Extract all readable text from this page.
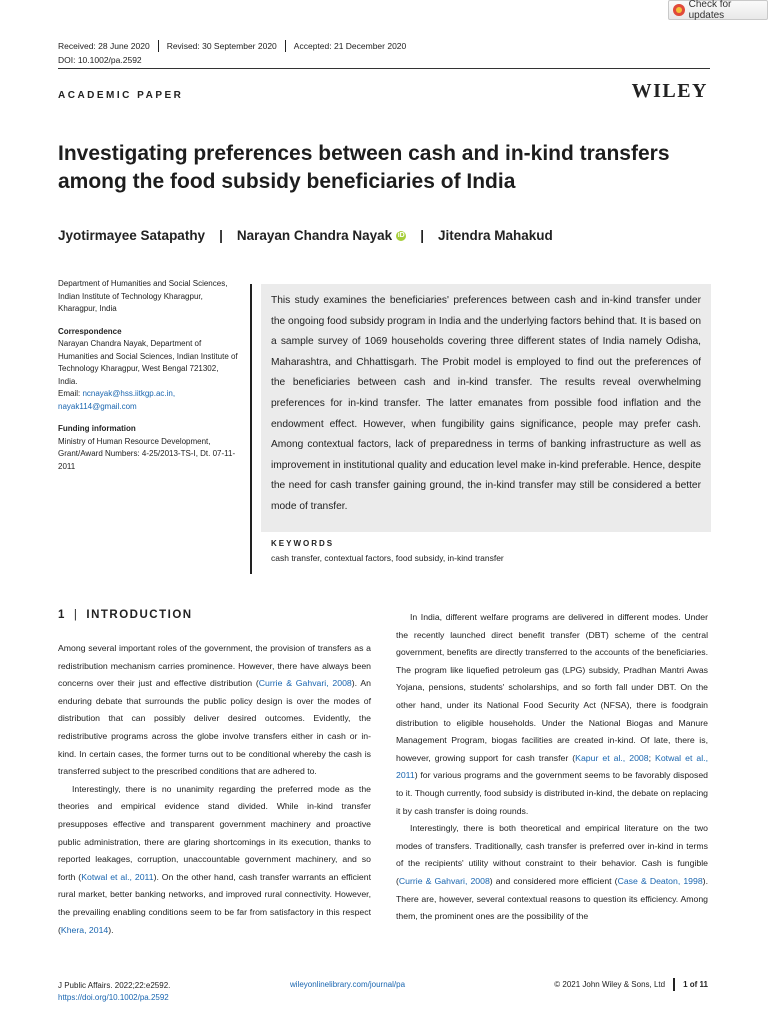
Check for updates
Received: 28 June 2020	Revised: 30 September 2020	Accepted: 21 December 2020
DOI: 10.1002/pa.2592
ACADEMIC PAPER	WILEY
Investigating preferences between cash and in-kind transfers among the food subsidy beneficiaries of India
Jyotirmayee Satapathy | Narayan Chandra Nayak iD | Jitendra Mahakud
Department of Humanities and Social Sciences, Indian Institute of Technology Kharagpur, Kharagpur, India
Correspondence
Narayan Chandra Nayak, Department of Humanities and Social Sciences, Indian Institute of Technology Kharagpur, West Bengal 721302, India.
Email: ncnayak@hss.iitkgp.ac.in, nayak114@gmail.com
Funding information
Ministry of Human Resource Development, Grant/Award Numbers: 4-25/2013-TS-I, Dt. 07-11-2011
This study examines the beneficiaries' preferences between cash and in-kind transfer under the ongoing food subsidy program in India and the underlying factors behind that. It is based on a sample survey of 1069 households covering three different states of India namely Odisha, Maharashtra, and Chhattisgarh. The Probit model is employed to find out the preferences of the beneficiaries between cash and in-kind transfer. The results reveal overwhelming preferences for in-kind transfer. The latter emanates from possible food inflation and the endowment effect. However, when fungibility gains significance, people may prefer cash. Among contextual factors, lack of preparedness in terms of banking infrastructure as well as improvement in institutional quality and education level make in-kind preferable. Hence, despite the need for cash transfer gaining ground, the in-kind transfer may still be considered a better mode of transfer.
KEYWORDS
cash transfer, contextual factors, food subsidy, in-kind transfer
1 | INTRODUCTION

Among several important roles of the government, the provision of transfers as a redistribution mechanism carries prominence. However, there have always been concerns over their just and effective distribution (Currie & Gahvari, 2008). An enduring debate that surrounds the public policy design is over the modes of distribution that can possibly deliver desired outcomes. Evidently, the redistributive programs across the globe involve transfers either in cash or in-kind. In certain cases, the former turns out to be conditional whereby the cash is transferred subject to the prescribed conditions that are adhered to.

Interestingly, there is no unanimity regarding the preferred mode as the theories and empirical evidence stand divided. While in-kind transfer presupposes effective and transparent government machinery and proactive public administration, there are glaring shortcomings in its execution, thanks to reported leakages, corruption, unaccountable government machinery, and so forth (Kotwal et al., 2011). On the other hand, cash transfer warrants an efficient rural market, better banking networks, and improved rural connectivity. However, the prevailing enabling conditions seem to be far from satisfactory in this respect (Khera, 2014).

In India, different welfare programs are delivered in different modes. Under the recently launched direct benefit transfer (DBT) scheme of the central government, benefits are directly transferred to the accounts of the beneficiaries. The program like liquefied petroleum gas (LPG) subsidy, Pradhan Mantri Awas Yojana, pensions, students' scholarships, and so forth fall under DBT. On the other hand, under its National Food Security Act (NFSA), there is foodgrain distribution to eligible households. Under the National Biogas and Manure Management Program, biogas facilities are created in-kind. Of late, there is, however, growing support for cash transfer (Kapur et al., 2008; Kotwal et al., 2011) for various programs and the government seems to be favorably disposed to it. Though currently, food subsidy is distributed in-kind, the debate on replacing it by cash transfer is doing rounds.

Interestingly, there is both theoretical and empirical literature on the two modes of transfers. Traditionally, cash transfer is preferred over in-kind in terms of the recipients' utility without constraint to their behavior. Cash is fungible (Currie & Gahvari, 2008) and considered more efficient (Case & Deaton, 1998). There are, however, several contextual reasons to question its efficiency. Among them, the prominent ones are the possibility of the

J Public Affairs. 2022;22:e2592.
https://doi.org/10.1002/pa.2592
wileyonlinelibrary.com/journal/pa	© 2021 John Wiley & Sons, Ltd 1 of 11
